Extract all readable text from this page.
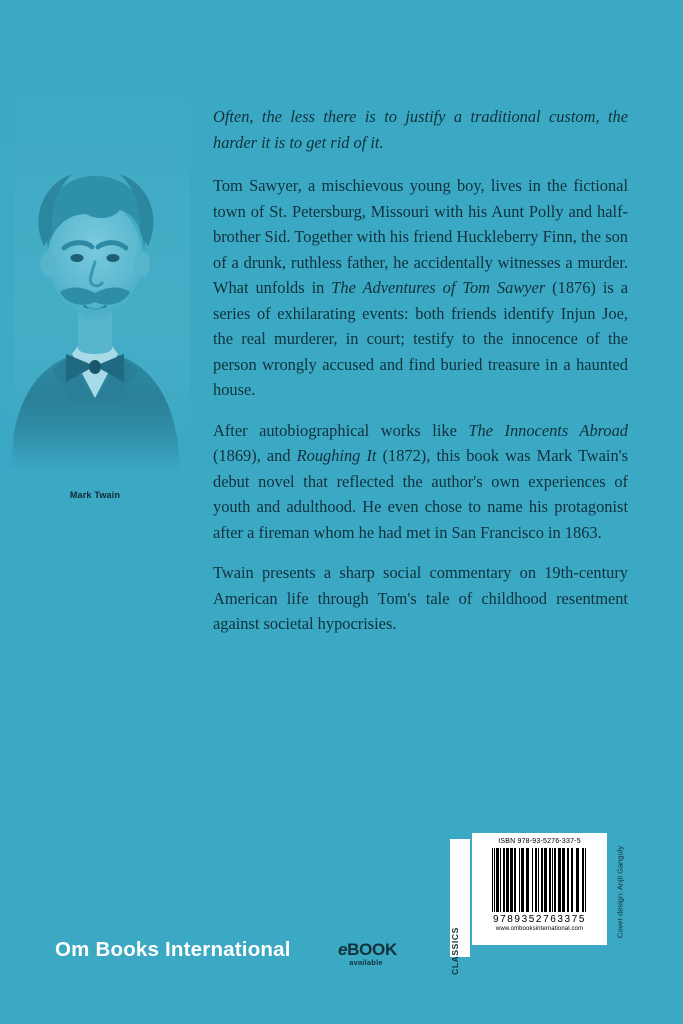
Mark Twain

Often, the less there is to justify a traditional custom, the harder it is to get rid of it.

Tom Sawyer, a mischievous young boy, lives in the fictional town of St. Petersburg, Missouri with his Aunt Polly and half-brother Sid. Together with his friend Huckleberry Finn, the son of a drunk, ruthless father, he accidentally witnesses a murder. What unfolds in The Adventures of Tom Sawyer (1876) is a series of exhilarating events: both friends identify Injun Joe, the real murderer, in court; testify to the innocence of the person wrongly accused and find buried treasure in a haunted house.

After autobiographical works like The Innocents Abroad (1869), and Roughing It (1872), this book was Mark Twain's debut novel that reflected the author's own experiences of youth and adulthood. He even chose to name his protagonist after a fireman whom he had met in San Francisco in 1863.

Twain presents a sharp social commentary on 19th-century American life through Tom's tale of childhood resentment against societal hypocrisies.

Om Books International	eBOOK
available	CLASSICS
ISBN 978-93-5276-337-5
9789352763375
www.ombooksinternational.com	Cover design: Anjli Ganguly
